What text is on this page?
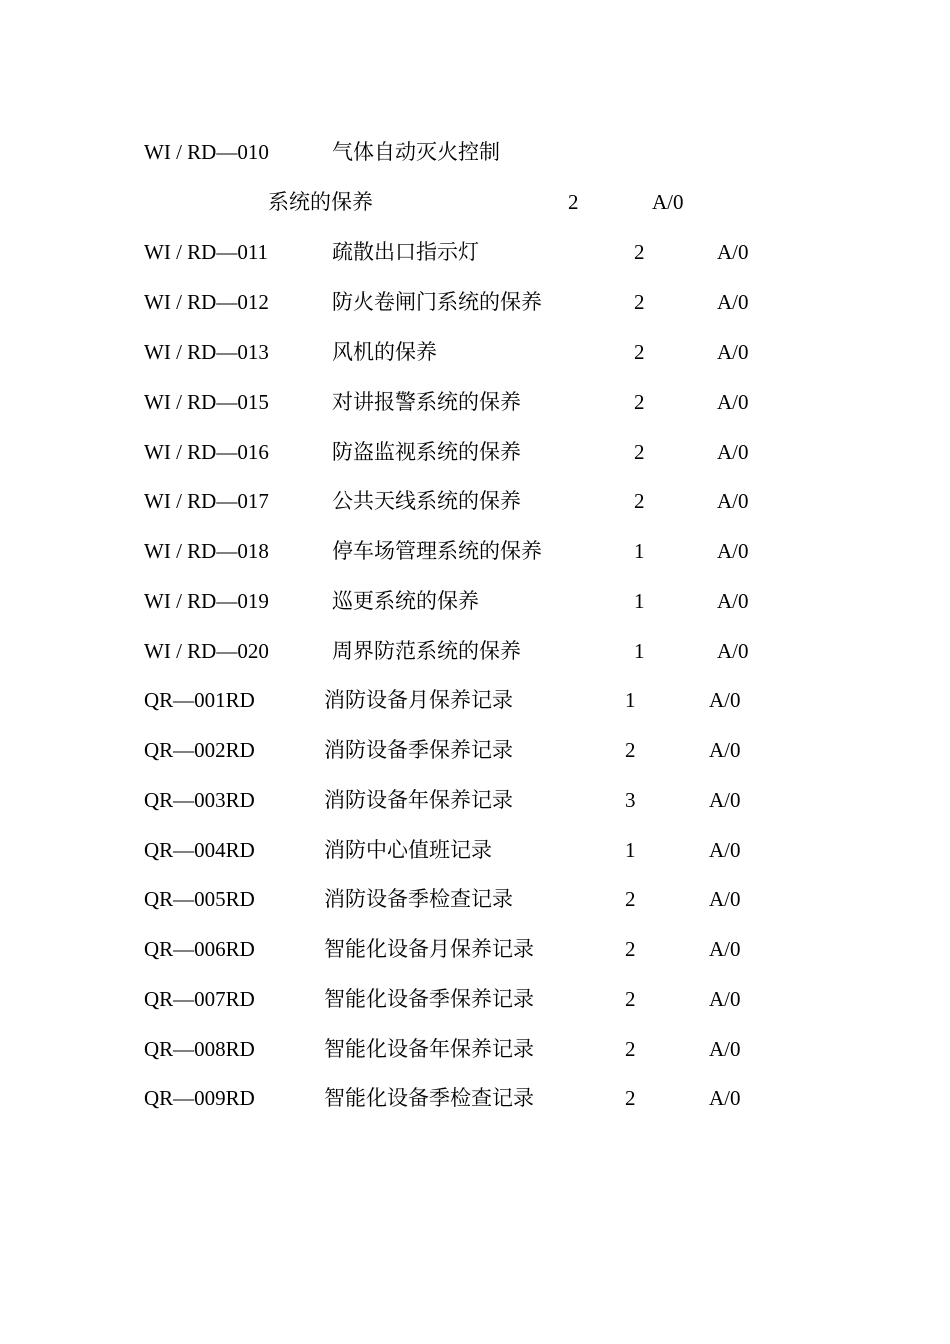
WI / RD—010	气体自动灭火控制
系统的保养	2	A/0
WI / RD—011	疏散出口指示灯	2	A/0
WI / RD—012	防火卷闸门系统的保养	2	A/0
WI / RD—013	风机的保养	2	A/0
WI / RD—015	对讲报警系统的保养	2	A/0
WI / RD—016	防盗监视系统的保养	2	A/0
WI / RD—017	公共天线系统的保养	2	A/0
WI / RD—018	停车场管理系统的保养	1	A/0
WI / RD—019	巡更系统的保养	1	A/0
WI / RD—020	周界防范系统的保养	1	A/0
QR—001RD	消防设备月保养记录	1	A/0
QR—002RD	消防设备季保养记录	2	A/0
QR—003RD	消防设备年保养记录	3	A/0
QR—004RD	消防中心值班记录	1	A/0
QR—005RD	消防设备季检查记录	2	A/0
QR—006RD	智能化设备月保养记录	2	A/0
QR—007RD	智能化设备季保养记录	2	A/0
QR—008RD	智能化设备年保养记录	2	A/0
QR—009RD	智能化设备季检查记录	2	A/0
